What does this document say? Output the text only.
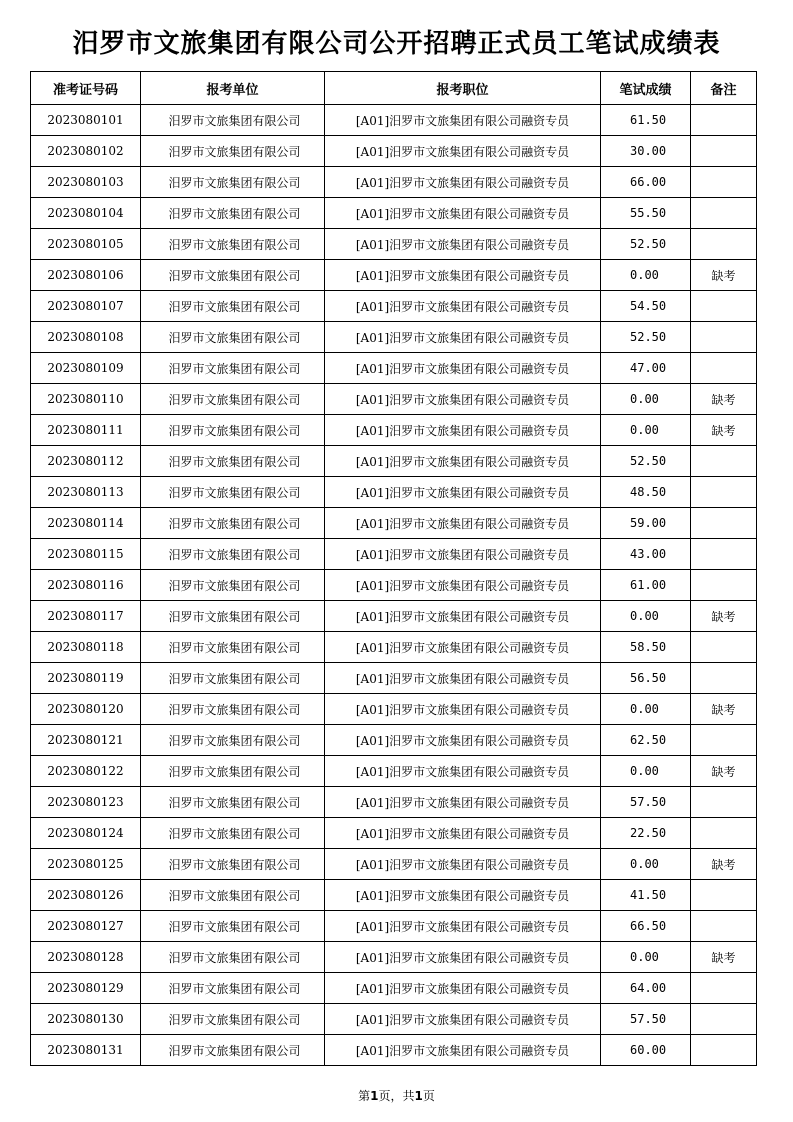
汨罗市文旅集团有限公司公开招聘正式员工笔试成绩表
准考证号码	报考单位	报考职位	笔试成绩	备注
2023080101	汨罗市文旅集团有限公司	[A01]汨罗市文旅集团有限公司融资专员	61.50	
2023080102	汨罗市文旅集团有限公司	[A01]汨罗市文旅集团有限公司融资专员	30.00	
2023080103	汨罗市文旅集团有限公司	[A01]汨罗市文旅集团有限公司融资专员	66.00	
2023080104	汨罗市文旅集团有限公司	[A01]汨罗市文旅集团有限公司融资专员	55.50	
2023080105	汨罗市文旅集团有限公司	[A01]汨罗市文旅集团有限公司融资专员	52.50	
2023080106	汨罗市文旅集团有限公司	[A01]汨罗市文旅集团有限公司融资专员	0.00	缺考
2023080107	汨罗市文旅集团有限公司	[A01]汨罗市文旅集团有限公司融资专员	54.50	
2023080108	汨罗市文旅集团有限公司	[A01]汨罗市文旅集团有限公司融资专员	52.50	
2023080109	汨罗市文旅集团有限公司	[A01]汨罗市文旅集团有限公司融资专员	47.00	
2023080110	汨罗市文旅集团有限公司	[A01]汨罗市文旅集团有限公司融资专员	0.00	缺考
2023080111	汨罗市文旅集团有限公司	[A01]汨罗市文旅集团有限公司融资专员	0.00	缺考
2023080112	汨罗市文旅集团有限公司	[A01]汨罗市文旅集团有限公司融资专员	52.50	
2023080113	汨罗市文旅集团有限公司	[A01]汨罗市文旅集团有限公司融资专员	48.50	
2023080114	汨罗市文旅集团有限公司	[A01]汨罗市文旅集团有限公司融资专员	59.00	
2023080115	汨罗市文旅集团有限公司	[A01]汨罗市文旅集团有限公司融资专员	43.00	
2023080116	汨罗市文旅集团有限公司	[A01]汨罗市文旅集团有限公司融资专员	61.00	
2023080117	汨罗市文旅集团有限公司	[A01]汨罗市文旅集团有限公司融资专员	0.00	缺考
2023080118	汨罗市文旅集团有限公司	[A01]汨罗市文旅集团有限公司融资专员	58.50	
2023080119	汨罗市文旅集团有限公司	[A01]汨罗市文旅集团有限公司融资专员	56.50	
2023080120	汨罗市文旅集团有限公司	[A01]汨罗市文旅集团有限公司融资专员	0.00	缺考
2023080121	汨罗市文旅集团有限公司	[A01]汨罗市文旅集团有限公司融资专员	62.50	
2023080122	汨罗市文旅集团有限公司	[A01]汨罗市文旅集团有限公司融资专员	0.00	缺考
2023080123	汨罗市文旅集团有限公司	[A01]汨罗市文旅集团有限公司融资专员	57.50	
2023080124	汨罗市文旅集团有限公司	[A01]汨罗市文旅集团有限公司融资专员	22.50	
2023080125	汨罗市文旅集团有限公司	[A01]汨罗市文旅集团有限公司融资专员	0.00	缺考
2023080126	汨罗市文旅集团有限公司	[A01]汨罗市文旅集团有限公司融资专员	41.50	
2023080127	汨罗市文旅集团有限公司	[A01]汨罗市文旅集团有限公司融资专员	66.50	
2023080128	汨罗市文旅集团有限公司	[A01]汨罗市文旅集团有限公司融资专员	0.00	缺考
2023080129	汨罗市文旅集团有限公司	[A01]汨罗市文旅集团有限公司融资专员	64.00	
2023080130	汨罗市文旅集团有限公司	[A01]汨罗市文旅集团有限公司融资专员	57.50	
2023080131	汨罗市文旅集团有限公司	[A01]汨罗市文旅集团有限公司融资专员	60.00	
第1页，共1页
